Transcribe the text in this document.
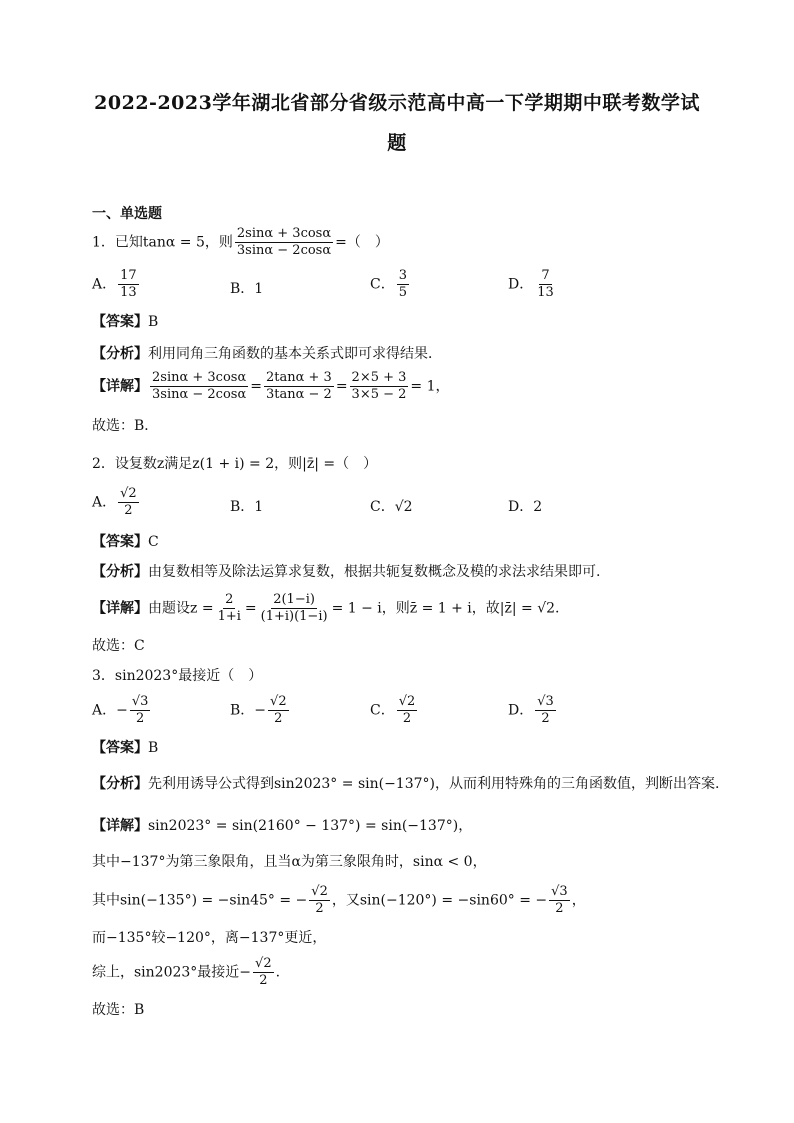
2022-2023学年湖北省部分省级示范高中高一下学期期中联考数学试
题
一、单选题
1．已知tanα = 5，则 $\frac{2\sin\alpha + 3\cos\alpha}{3\sin\alpha - 2\cos\alpha}$ =（　）
A． $\frac{17}{13}$	B．1	C． $\frac{3}{5}$	D． $\frac{7}{13}$
【答案】B
【分析】利用同角三角函数的基本关系式即可求得结果．
【详解】 $\frac{2\sin\alpha + 3\cos\alpha}{3\sin\alpha - 2\cos\alpha} = \frac{2\tan\alpha + 3}{3\tan\alpha - 2} = \frac{2\times 5 + 3}{3\times 5 - 2} = 1$，
故选：B．
2．设复数z满足z(1 + i) = 2，则|z̄| =（　）
A． $\frac{√2}{2}$	B．1	C．√2	D．2
【答案】C
【分析】由复数相等及除法运算求复数，根据共轭复数概念及模的求法求结果即可.
【详解】由题设$z = \frac{2}{1+i} = \frac{2(1-i)}{(1+i)(1-i)} = 1 - i$，则z̄ = 1 + i，故|z̄| = √2.
故选：C
3．sin2023°最接近（　）
A．− $\frac{√3}{2}$	B．− $\frac{√2}{2}$	C． $\frac{√2}{2}$	D． $\frac{√3}{2}$
【答案】B
【分析】先利用诱导公式得到sin2023° = sin(−137°)，从而利用特殊角的三角函数值，判断出答案.
【详解】sin2023° = sin(2160° − 137°) = sin(−137°)，
其中−137°为第三象限角，且当α为第三象限角时，sinα < 0，
其中sin(−135°) = −sin45° = − $\frac{√2}{2}$ ，又sin(−120°) = −sin60° = − $\frac{√3}{2}$ ，
而−135°较−120°，离−137°更近，
综上，sin2023°最接近− $\frac{√2}{2}$ .
故选：B
